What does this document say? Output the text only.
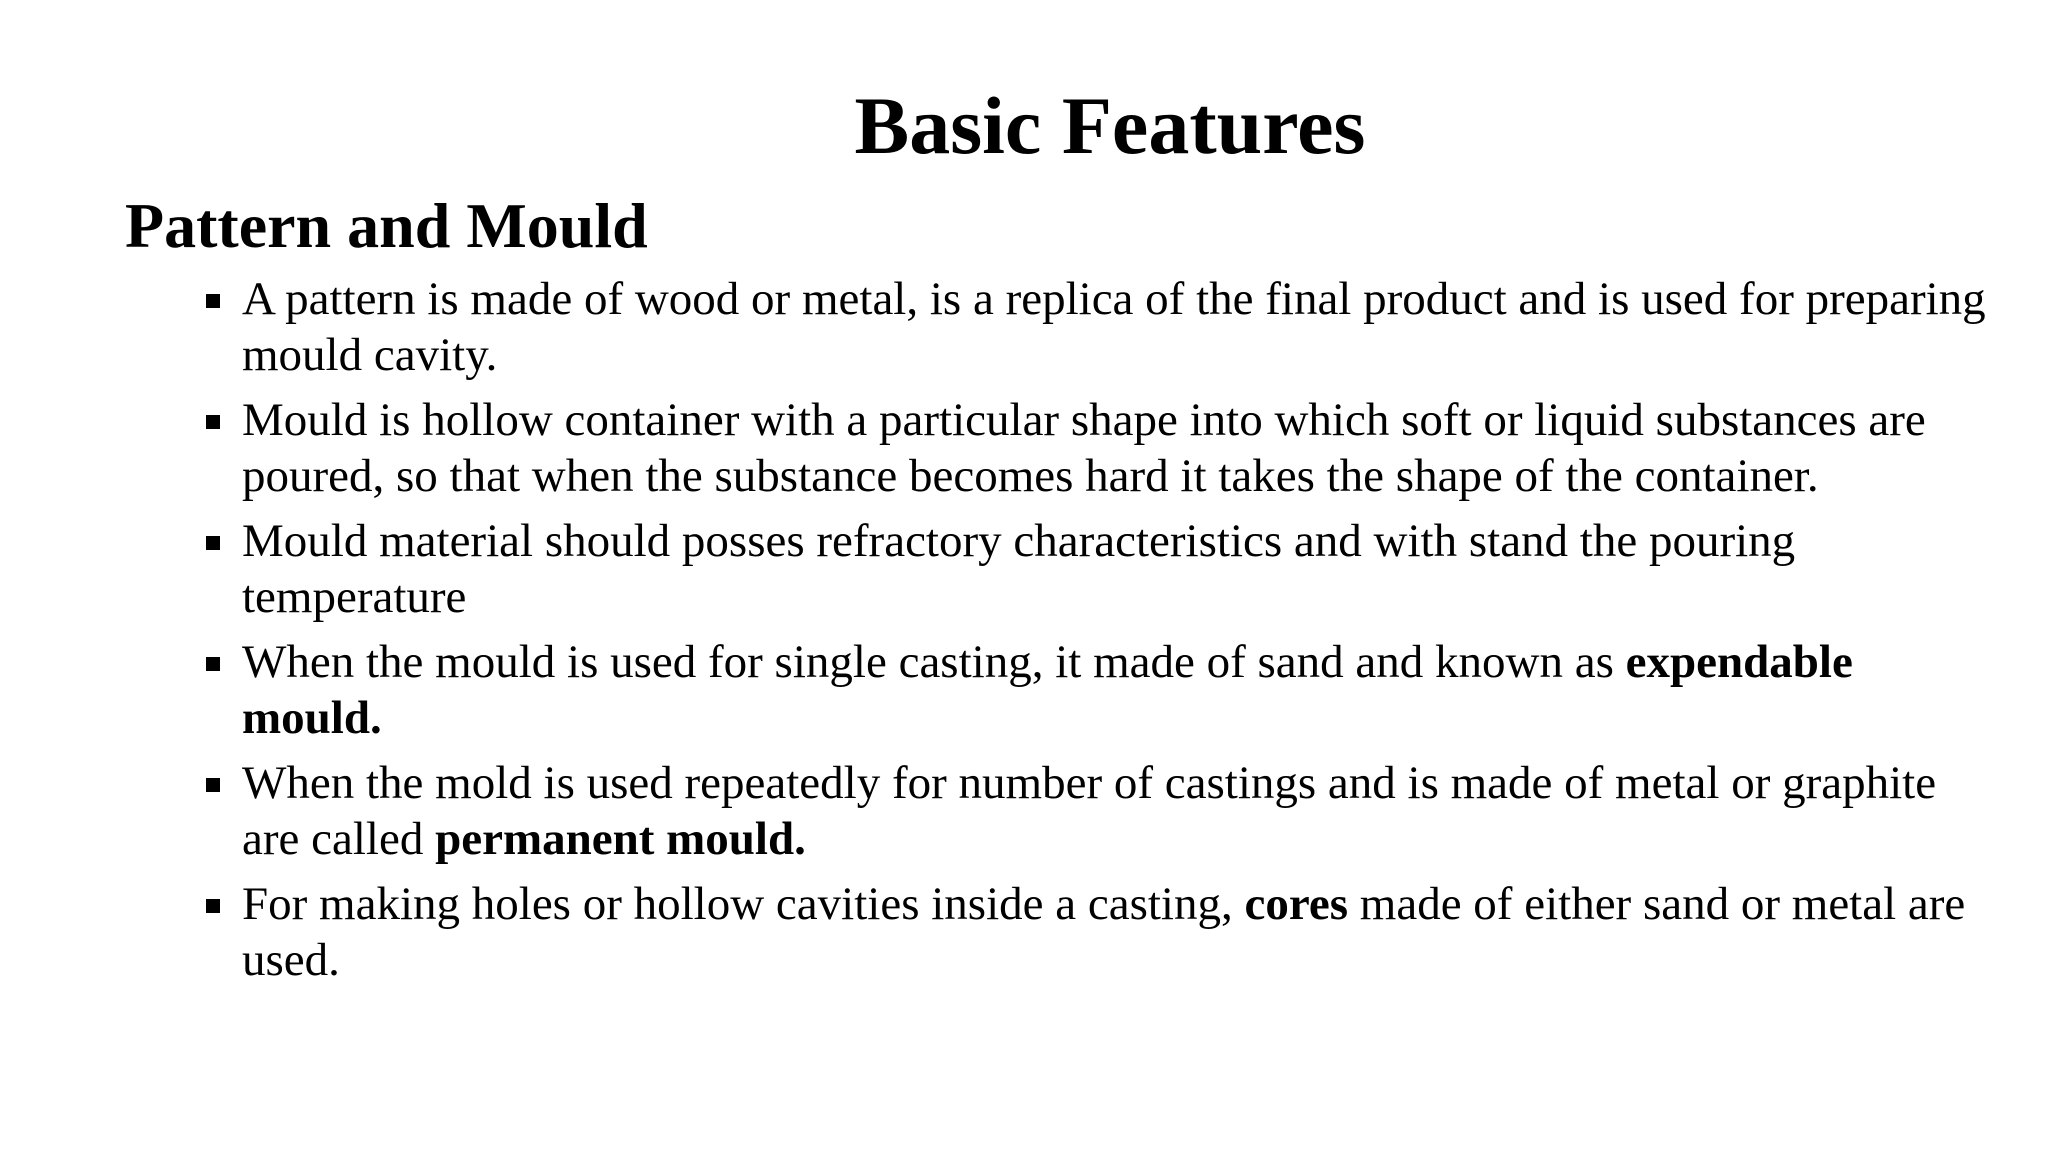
Basic Features
Pattern and Mould
A pattern is made of wood or metal, is a replica of the final product and is used for preparing mould cavity.
Mould is hollow container with a particular shape into which soft or liquid substances are poured, so that when the substance becomes hard it takes the shape of the container.
Mould material should posses refractory characteristics and with stand the pouring temperature
When the mould is used for single casting, it made of sand and known as expendable mould.
When the mold is used repeatedly for number of castings and is made of metal or graphite are called permanent mould.
For making holes or hollow cavities inside a casting, cores made of either sand or metal are used.
